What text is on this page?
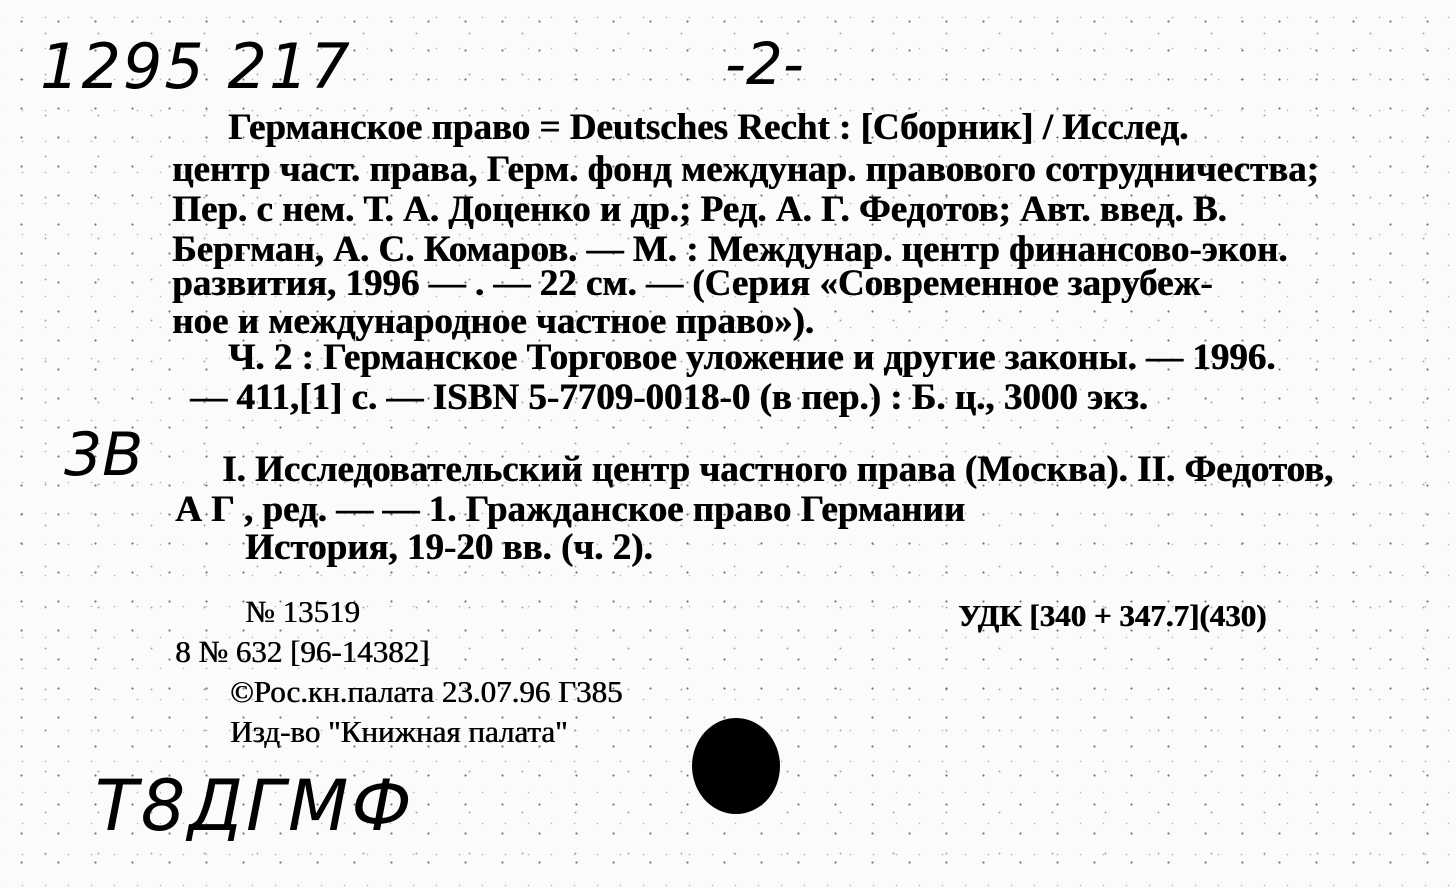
1295 217	-2-
Германское право = Deutsches Recht : [Сборник] / Исслед.
центр част. права, Герм. фонд междунар. правового сотрудничества;
Пер. с нем. Т. А. Доценко и др.; Ред. А. Г. Федотов; Авт. введ. В.
Бергман, А. С. Комаров. — М. : Междунар. центр финансово-экон.
развития, 1996 — . — 22 см. — (Серия «Современное зарубеж-
ное и международное частное право»).
Ч. 2 : Германское Торговое уложение и другие законы. — 1996.
— 411,[1] с. — ISBN 5-7709-0018-0 (в пер.) : Б. ц., 3000 экз.
3B I. Исследовательский центр частного права (Москва). II. Федотов,
А Г , ред. — — 1. Гражданское право Германии
История, 19-20 вв. (ч. 2).
№ 13519	УДК [340 + 347.7](430)
8 № 632 [96-14382]
©Рос.кн.палата 23.07.96 Г385
Изд-во "Книжная палата"
Т8ДГМФ
